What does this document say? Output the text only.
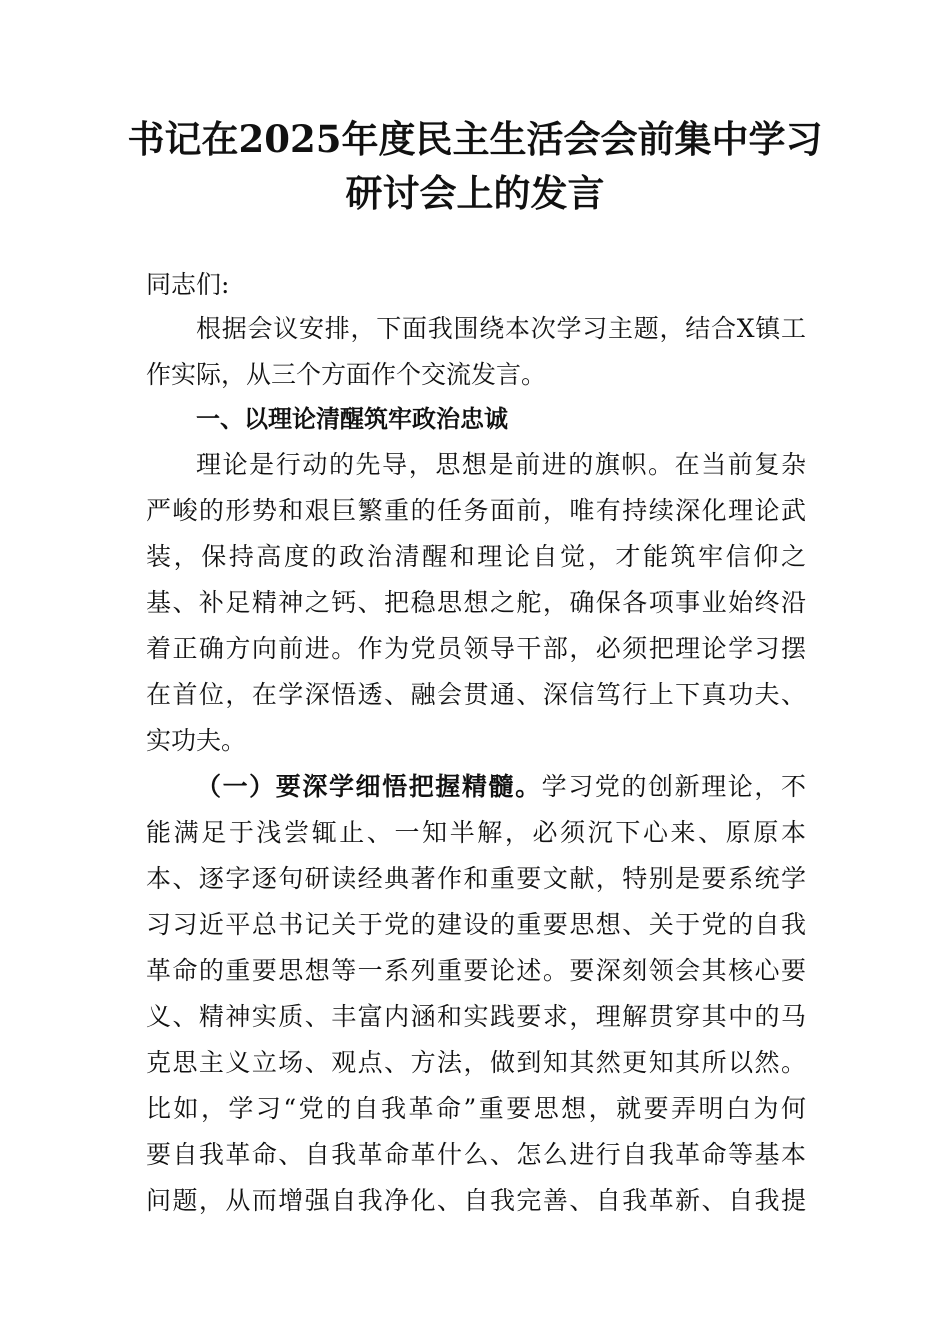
书记在2025年度民主生活会会前集中学习
研讨会上的发言

同志们:

根据会议安排，下面我围绕本次学习主题，结合X镇工

作实际，从三个方面作个交流发言。

一、以理论清醒筑牢政治忠诚

理论是行动的先导，思想是前进的旗帜。在当前复杂

严峻的形势和艰巨繁重的任务面前，唯有持续深化理论武

装，保持高度的政治清醒和理论自觉，才能筑牢信仰之

基、补足精神之钙、把稳思想之舵，确保各项事业始终沿

着正确方向前进。作为党员领导干部，必须把理论学习摆

在首位，在学深悟透、融会贯通、深信笃行上下真功夫、

实功夫。

（一）要深学细悟把握精髓。学习党的创新理论，不

能满足于浅尝辄止、一知半解，必须沉下心来、原原本

本、逐字逐句研读经典著作和重要文献，特别是要系统学

习习近平总书记关于党的建设的重要思想、关于党的自我

革命的重要思想等一系列重要论述。要深刻领会其核心要

义、精神实质、丰富内涵和实践要求，理解贯穿其中的马

克思主义立场、观点、方法，做到知其然更知其所以然。

比如，学习“党的自我革命”重要思想，就要弄明白为何

要自我革命、自我革命革什么、怎么进行自我革命等基本

问题，从而增强自我净化、自我完善、自我革新、自我提
